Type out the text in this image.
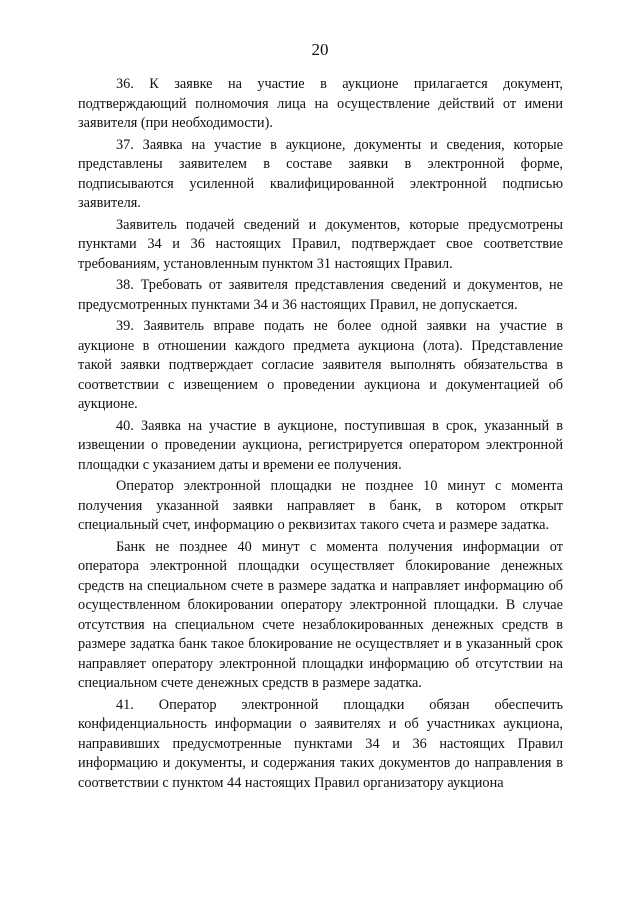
20

36. К заявке на участие в аукционе прилагается документ, подтверждающий полномочия лица на осуществление действий от имени заявителя (при необходимости).

37. Заявка на участие в аукционе, документы и сведения, которые представлены заявителем в составе заявки в электронной форме, подписываются усиленной квалифицированной электронной подписью заявителя.

Заявитель подачей сведений и документов, которые предусмотрены пунктами 34 и 36 настоящих Правил, подтверждает свое соответствие требованиям, установленным пунктом 31 настоящих Правил.

38. Требовать от заявителя представления сведений и документов, не предусмотренных пунктами 34 и 36 настоящих Правил, не допускается.

39. Заявитель вправе подать не более одной заявки на участие в аукционе в отношении каждого предмета аукциона (лота). Представление такой заявки подтверждает согласие заявителя выполнять обязательства в соответствии с извещением о проведении аукциона и документацией об аукционе.

40. Заявка на участие в аукционе, поступившая в срок, указанный в извещении о проведении аукциона, регистрируется оператором электронной площадки с указанием даты и времени ее получения.

Оператор электронной площадки не позднее 10 минут с момента получения указанной заявки направляет в банк, в котором открыт специальный счет, информацию о реквизитах такого счета и размере задатка.

Банк не позднее 40 минут с момента получения информации от оператора электронной площадки осуществляет блокирование денежных средств на специальном счете в размере задатка и направляет информацию об осуществленном блокировании оператору электронной площадки. В случае отсутствия на специальном счете незаблокированных денежных средств в размере задатка банк такое блокирование не осуществляет и в указанный срок направляет оператору электронной площадки информацию об отсутствии на специальном счете денежных средств в размере задатка.

41. Оператор электронной площадки обязан обеспечить конфиденциальность информации о заявителях и об участниках аукциона, направивших предусмотренные пунктами 34 и 36 настоящих Правил информацию и документы, и содержания таких документов до направления в соответствии с пунктом 44 настоящих Правил организатору аукциона
